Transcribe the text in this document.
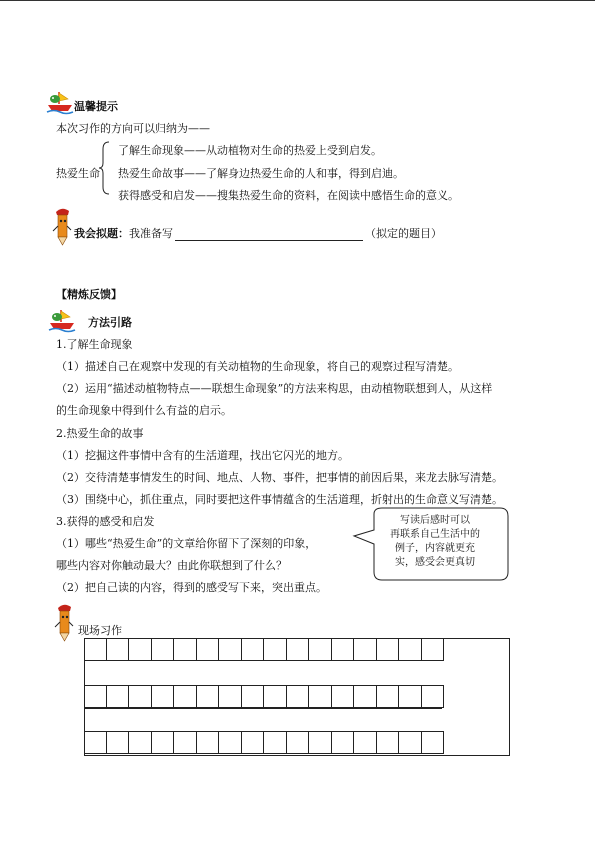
温馨提示
本次习作的方向可以归纳为——
热爱生命
了解生命现象——从动植物对生命的热爱上受到启发。
热爱生命故事——了解身边热爱生命的人和事，得到启迪。
获得感受和启发——搜集热爱生命的资料，在阅读中感悟生命的意义。
我会拟题：我准备写	（拟定的题目）
【精炼反馈】
方法引路
1.了解生命现象
（1）描述自己在观察中发现的有关动植物的生命现象，将自己的观察过程写清楚。
（2）运用“描述动植物特点——联想生命现象”的方法来构思，由动植物联想到人，从这样
的生命现象中得到什么有益的启示。
2.热爱生命的故事
（1）挖掘这件事情中含有的生活道理，找出它闪光的地方。
（2）交待清楚事情发生的时间、地点、人物、事件，把事情的前因后果，来龙去脉写清楚。
（3）围绕中心，抓住重点，同时要把这件事情蕴含的生活道理，折射出的生命意义写清楚。
3.获得的感受和启发
（1）哪些“热爱生命”的文章给你留下了深刻的印象，
哪些内容对你触动最大？由此你联想到了什么？
（2）把自己读的内容，得到的感受写下来，突出重点。
写读后感时可以
再联系自己生活中的
例子，内容就更充
实，感受会更真切
现场习作
